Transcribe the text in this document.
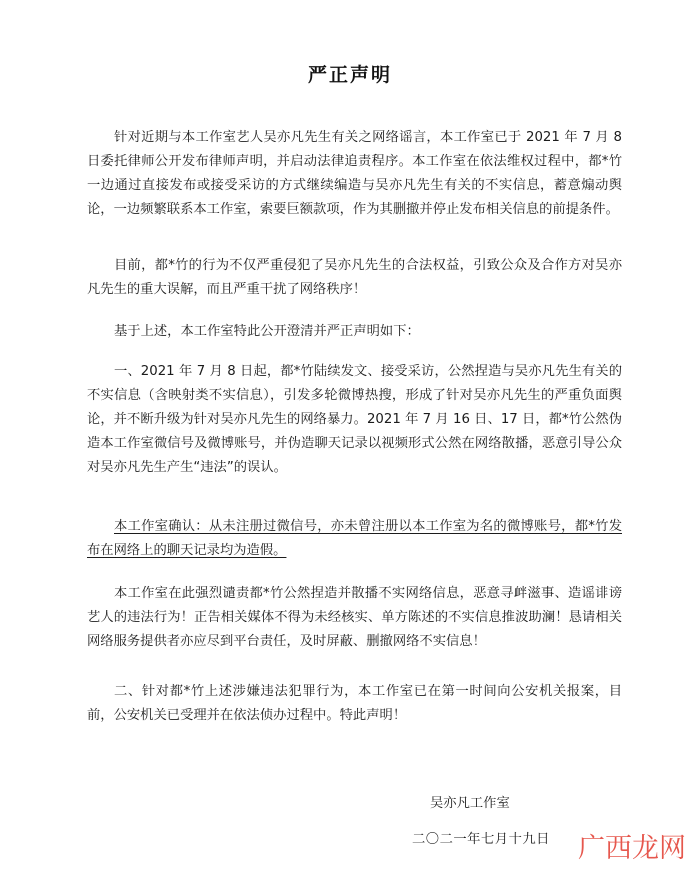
严正声明

针对近期与本工作室艺人吴亦凡先生有关之网络谣言，本工作室已于 2021 年 7 月 8 日委托律师公开发布律师声明，并启动法律追责程序。本工作室在依法维权过程中，都*竹一边通过直接发布或接受采访的方式继续编造与吴亦凡先生有关的不实信息，蓄意煽动舆论，一边频繁联系本工作室，索要巨额款项，作为其删撤并停止发布相关信息的前提条件。

目前，都*竹的行为不仅严重侵犯了吴亦凡先生的合法权益，引致公众及合作方对吴亦凡先生的重大误解，而且严重干扰了网络秩序！

基于上述，本工作室特此公开澄清并严正声明如下：

一、2021 年 7 月 8 日起，都*竹陆续发文、接受采访，公然捏造与吴亦凡先生有关的不实信息（含映射类不实信息），引发多轮微博热搜，形成了针对吴亦凡先生的严重负面舆论，并不断升级为针对吴亦凡先生的网络暴力。2021 年 7 月 16 日、17 日，都*竹公然伪造本工作室微信号及微博账号，并伪造聊天记录以视频形式公然在网络散播，恶意引导公众对吴亦凡先生产生“违法”的误认。

本工作室确认：从未注册过微信号，亦未曾注册以本工作室为名的微博账号，都*竹发布在网络上的聊天记录均为造假。

本工作室在此强烈谴责都*竹公然捏造并散播不实网络信息，恶意寻衅滋事、造谣诽谤艺人的违法行为！正告相关媒体不得为未经核实、单方陈述的不实信息推波助澜！恳请相关网络服务提供者亦应尽到平台责任，及时屏蔽、删撤网络不实信息！

二、针对都*竹上述涉嫌违法犯罪行为，本工作室已在第一时间向公安机关报案，目前，公安机关已受理并在依法侦办过程中。特此声明！

吴亦凡工作室
二〇二一年七月十九日 广西龙网
